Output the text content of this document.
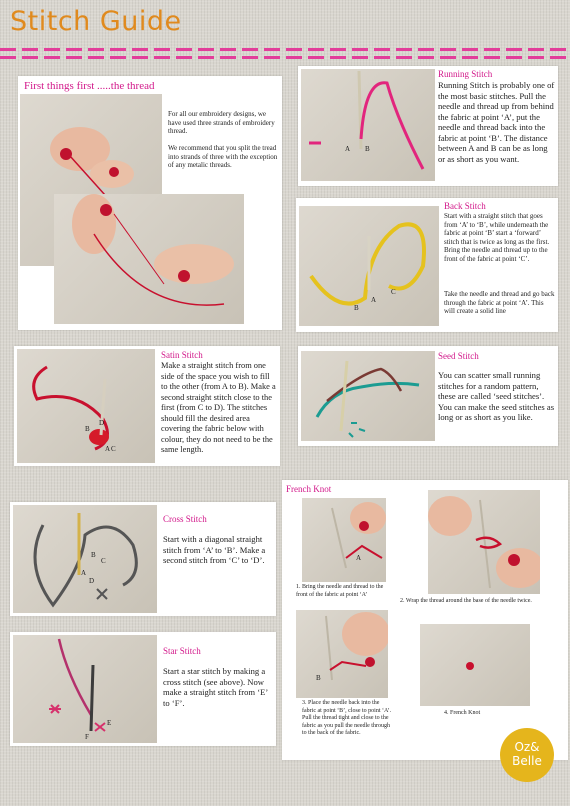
Stitch Guide
First things first .....the thread
For all our embroidery designs, we have used three strands of embroidery thread.
We recommend that you split the tread into strands of three with the exception of any metalic threads.
A B
Running Stitch
Running Stitch is probably one of the most basic stitches. Pull the needle and thread up from behind the fabric at point ‘A’, put the needle and thread back into the fabric at point ‘B’. The distance between A and B can be as long or as short as you want.
B
A
C
Back Stitch
Start with a straight stitch that goes from ‘A’ to ‘B’, while underneath the fabric at point ‘B’ start a ‘forward’ stitch that is twice as long as the first. Bring the needle and thread up to the front of the fabric at point ‘C’.
Take the needle and thread and go back through the fabric at point ‘A’. This will create a solid line
B
D
A C
Satin Stitch
Make a straight stitch from one side of the space you wish to fill to the other (from A to B). Make a second straight stitch close to the first (from C to D). The stitches should fill the desired area covering the fabric below with colour, they do not need to be the same length.
Seed Stitch
You can scatter small running stitches for a random pattern, these are called ‘seed stitches’. You can make the seed stitches as long or as short as you like.
B
C
A
D
Cross Stitch
Start with a diagonal straight stitch from ‘A’ to ‘B’. Make a second stitch from ‘C’ to ‘D’.
E
F
Star Stitch
Start a star stitch by making a cross stitch (see above). Now make a straight stitch from ‘E’ to ‘F’.
French Knot
A
1. Bring the needle and thread to the front of the fabric at point ‘A’
2. Wrap the thread around the base of the needle twice.
B
3. Place the needle back into the fabric at point ‘B’, close to point ‘A’. Pull the thread tight and close to the fabric as you pull the needle through to the back of the fabric.
4. French Knot
Oz&
Belle
